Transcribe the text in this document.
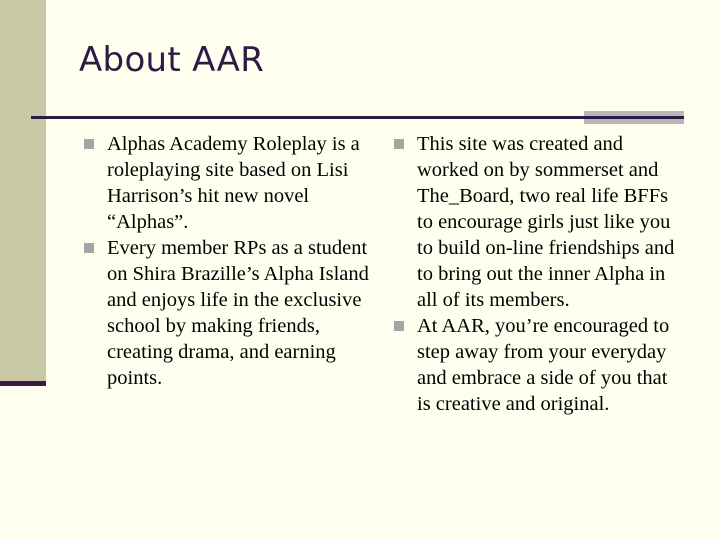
About AAR

Alphas Academy Roleplay is a roleplaying site based on Lisi Harrison’s hit new novel “Alphas”.

Every member RPs as a student on Shira Brazille’s Alpha Island and enjoys life in the exclusive school by making friends, creating drama, and earning points.

This site was created and worked on by sommerset and The_Board, two real life BFFs to encourage girls just like you to build on-line friendships and to bring out the inner Alpha in all of its members.

At AAR, you’re encouraged to step away from your everyday and embrace a side of you that is creative and original.
